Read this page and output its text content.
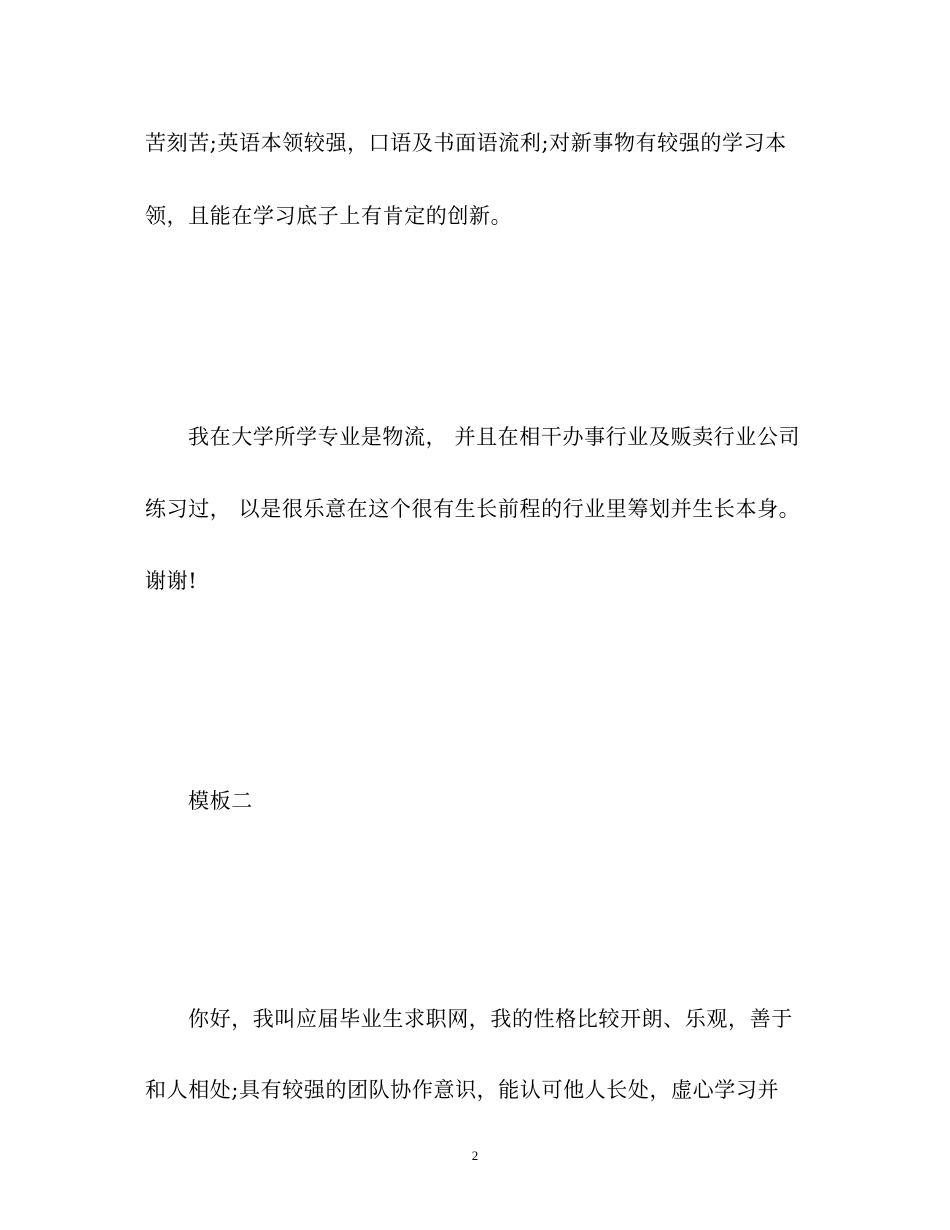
苦刻苦;英语本领较强，口语及书面语流利;对新事物有较强的学习本
领，且能在学习底子上有肯定的创新。
我在大学所学专业是物流， 并且在相干办事行业及贩卖行业公司
练习过， 以是很乐意在这个很有生长前程的行业里筹划并生长本身。
谢谢!
模板二
你好，我叫应届毕业生求职网，我的性格比较开朗、乐观，善于
和人相处;具有较强的团队协作意识，能认可他人长处，虚心学习并
2
